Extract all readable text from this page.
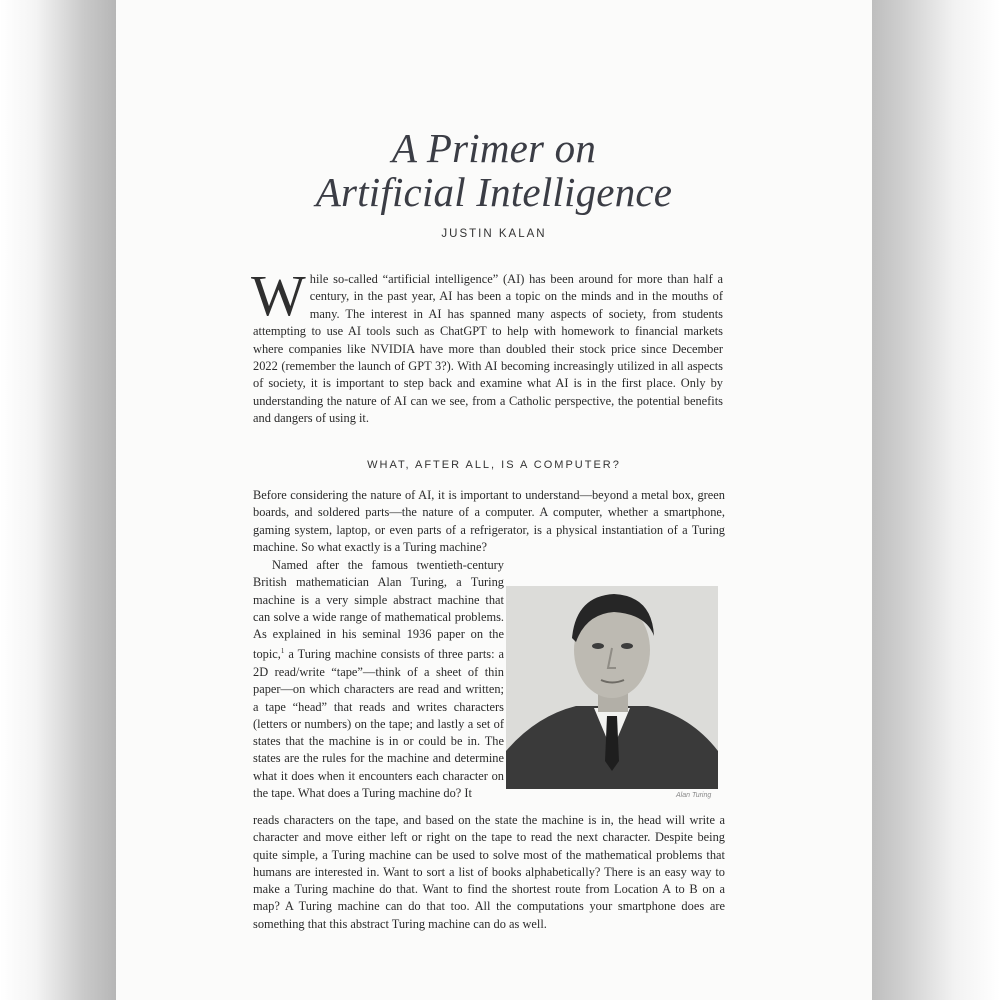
A Primer on
Artificial Intelligence
JUSTIN KALAN

While so-called “artificial intelligence” (AI) has been around for more than half a century, in the past year, AI has been a topic on the minds and in the mouths of many. The interest in AI has spanned many aspects of society, from students attempting to use AI tools such as ChatGPT to help with homework to financial markets where companies like NVIDIA have more than doubled their stock price since December 2022 (remember the launch of GPT 3?). With AI becoming increasingly utilized in all aspects of society, it is important to step back and examine what AI is in the first place. Only by understanding the nature of AI can we see, from a Catholic perspective, the potential benefits and dangers of using it.

WHAT, AFTER ALL, IS A COMPUTER?

Before considering the nature of AI, it is important to understand—beyond a metal box, green boards, and soldered parts—the nature of a computer. A computer, whether a smartphone, gaming system, laptop, or even parts of a refrigerator, is a physical instantiation of a Turing machine. So what exactly is a Turing machine?

Named after the famous twentieth-century British mathematician Alan Turing, a Turing machine is a very simple abstract machine that can solve a wide range of mathematical problems. As explained in his seminal 1936 paper on the topic,$^1$ a Turing machine consists of three parts: a 2D read/write “tape”—think of a sheet of thin paper—on which characters are read and written; a tape “head” that reads and writes characters (letters or numbers) on the tape; and lastly a set of states that the machine is in or could be in. The states are the rules for the machine and determine what it does when it encounters each character on the tape. What does a Turing machine do? It	Alan Turing

reads characters on the tape, and based on the state the machine is in, the head will write a character and move either left or right on the tape to read the next character. Despite being quite simple, a Turing machine can be used to solve most of the mathematical problems that humans are interested in. Want to sort a list of books alphabetically? There is an easy way to make a Turing machine do that. Want to find the shortest route from Location A to B on a map? A Turing machine can do that too. All the computations your smartphone does are something that this abstract Turing machine can do as well.
